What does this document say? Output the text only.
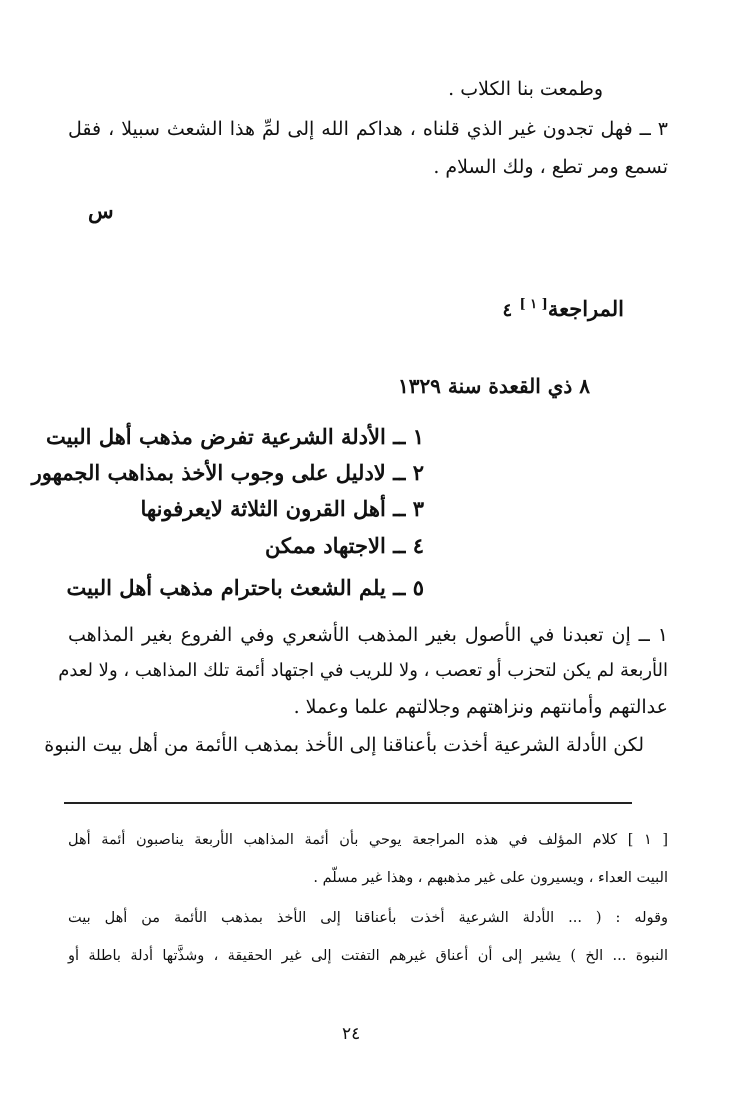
وطمعت بنا الكلاب .
٣ ــ فهل تجدون غير الذي قلناه ، هداكم الله إلى لمِّ هذا الشعث سبيلا ، فقل
تسمع ومر تطع ، ولك السلام .
س
المراجعة[ ١ ] ٤
٨ ذي القعدة سنة ١٣٢٩
١ ــ الأدلة الشرعية تفرض مذهب أهل البيت
٢ ــ لادليل على وجوب الأخذ بمذاهب الجمهور
٣ ــ أهل القرون الثلاثة لايعرفونها
٤ ــ الاجتهاد ممكن
٥ ــ يلم الشعث باحترام مذهب أهل البيت
١ ــ إن تعبدنا في الأصول بغير المذهب الأشعري وفي الفروع بغير المذاهب
الأربعة لم يكن لتحزب أو تعصب ، ولا للريب في اجتهاد أئمة تلك المذاهب ، ولا لعدم
عدالتهم وأمانتهم ونزاهتهم وجلالتهم علما وعملا .
لكن الأدلة الشرعية أخذت بأعناقنا إلى الأخذ بمذهب الأئمة من أهل بيت النبوة
[ ١ ] كلام المؤلف في هذه المراجعة يوحي بأن أئمة المذاهب الأربعة يناصبون أئمة أهل
البيت العداء ، ويسيرون على غير مذهبهم ، وهذا غير مسلّم .
وقوله : ( ... الأدلة الشرعية أخذت بأعناقنا إلى الأخذ بمذهب الأئمة من أهل بيت
النبوة ... الخ ) يشير إلى أن أعناق غيرهم التفتت إلى غير الحقيقة ، وشذَّتها أدلة باطلة أو
٢٤
